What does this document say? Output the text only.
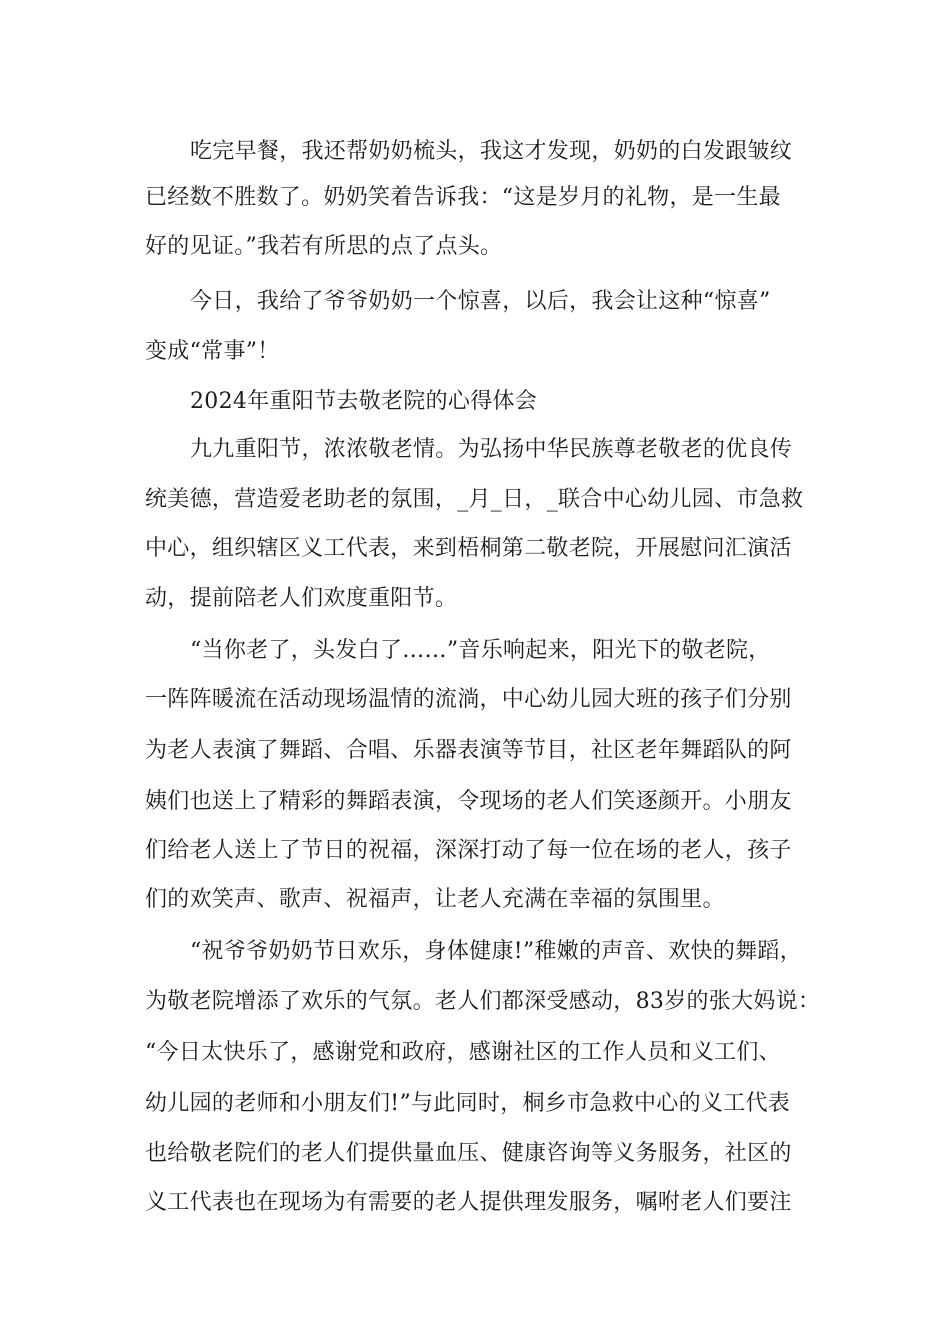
吃完早餐，我还帮奶奶梳头，我这才发现，奶奶的白发跟皱纹
已经数不胜数了。奶奶笑着告诉我：“这是岁月的礼物，是一生最
好的见证。”我若有所思的点了点头。
今日，我给了爷爷奶奶一个惊喜，以后，我会让这种“惊喜”
变成“常事”！
2024年重阳节去敬老院的心得体会
九九重阳节，浓浓敬老情。为弘扬中华民族尊老敬老的优良传
统美德，营造爱老助老的氛围，_月_日，_联合中心幼儿园、市急救
中心，组织辖区义工代表，来到梧桐第二敬老院，开展慰问汇演活
动，提前陪老人们欢度重阳节。
“当你老了，头发白了……”音乐响起来，阳光下的敬老院，
一阵阵暖流在活动现场温情的流淌，中心幼儿园大班的孩子们分别
为老人表演了舞蹈、合唱、乐器表演等节目，社区老年舞蹈队的阿
姨们也送上了精彩的舞蹈表演，令现场的老人们笑逐颜开。小朋友
们给老人送上了节日的祝福，深深打动了每一位在场的老人，孩子
们的欢笑声、歌声、祝福声，让老人充满在幸福的氛围里。
“祝爷爷奶奶节日欢乐，身体健康!”稚嫩的声音、欢快的舞蹈，
为敬老院增添了欢乐的气氛。老人们都深受感动，83岁的张大妈说：
“今日太快乐了，感谢党和政府，感谢社区的工作人员和义工们、
幼儿园的老师和小朋友们!”与此同时，桐乡市急救中心的义工代表
也给敬老院们的老人们提供量血压、健康咨询等义务服务，社区的
义工代表也在现场为有需要的老人提供理发服务，嘱咐老人们要注
